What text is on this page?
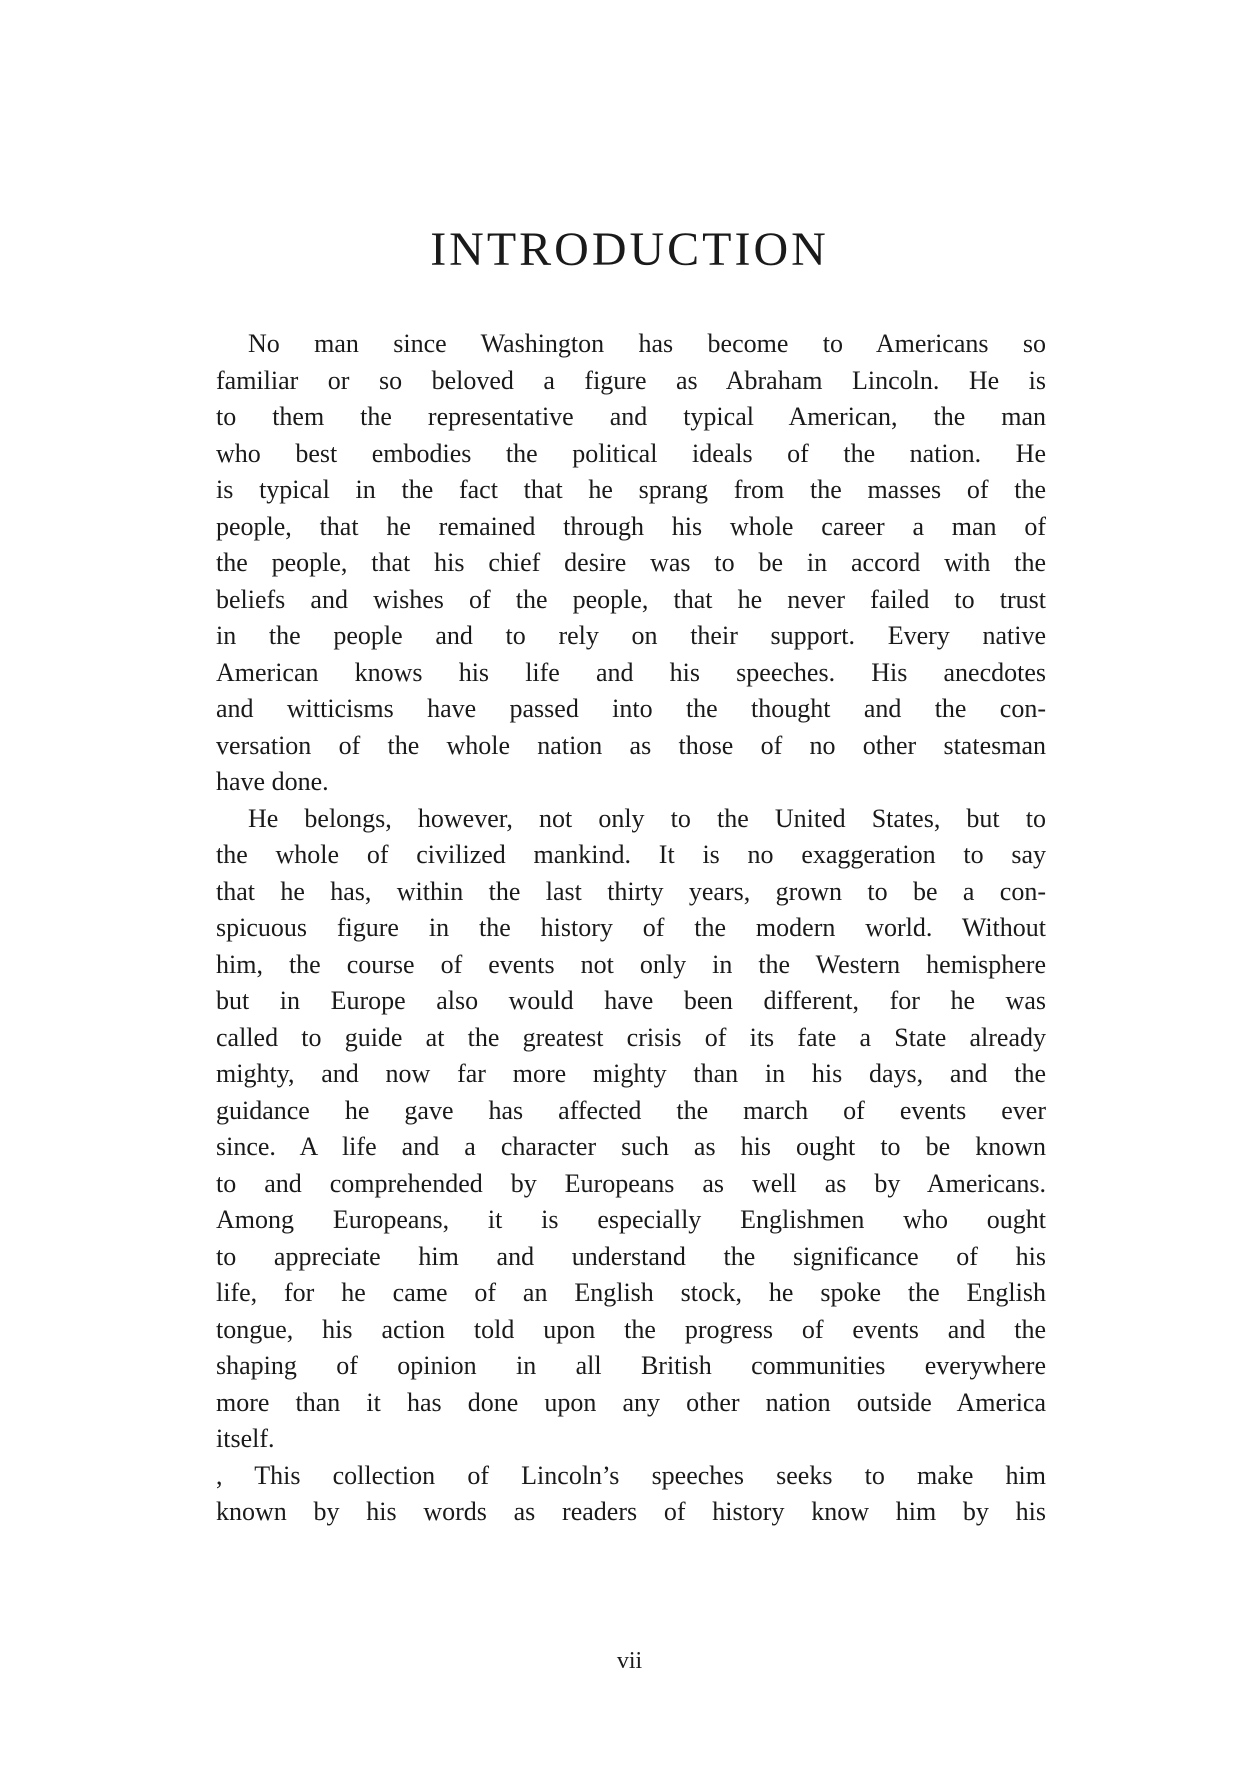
INTRODUCTION
No man since Washington has become to Americans so
familiar or so beloved a figure as Abraham Lincoln. He is
to them the representative and typical American, the man
who best embodies the political ideals of the nation. He
is typical in the fact that he sprang from the masses of the
people, that he remained through his whole career a man of
the people, that his chief desire was to be in accord with the
beliefs and wishes of the people, that he never failed to trust
in the people and to rely on their support. Every native
American knows his life and his speeches. His anecdotes
and witticisms have passed into the thought and the con-
versation of the whole nation as those of no other statesman
have done.
He belongs, however, not only to the United States, but to
the whole of civilized mankind. It is no exaggeration to say
that he has, within the last thirty years, grown to be a con-
spicuous figure in the history of the modern world. Without
him, the course of events not only in the Western hemisphere
but in Europe also would have been different, for he was
called to guide at the greatest crisis of its fate a State already
mighty, and now far more mighty than in his days, and the
guidance he gave has affected the march of events ever
since. A life and a character such as his ought to be known
to and comprehended by Europeans as well as by Americans.
Among Europeans, it is especially Englishmen who ought
to appreciate him and understand the significance of his
life, for he came of an English stock, he spoke the English
tongue, his action told upon the progress of events and the
shaping of opinion in all British communities everywhere
more than it has done upon any other nation outside America
itself.
, This collection of Lincoln’s speeches seeks to make him
known by his words as readers of history know him by his
vii
